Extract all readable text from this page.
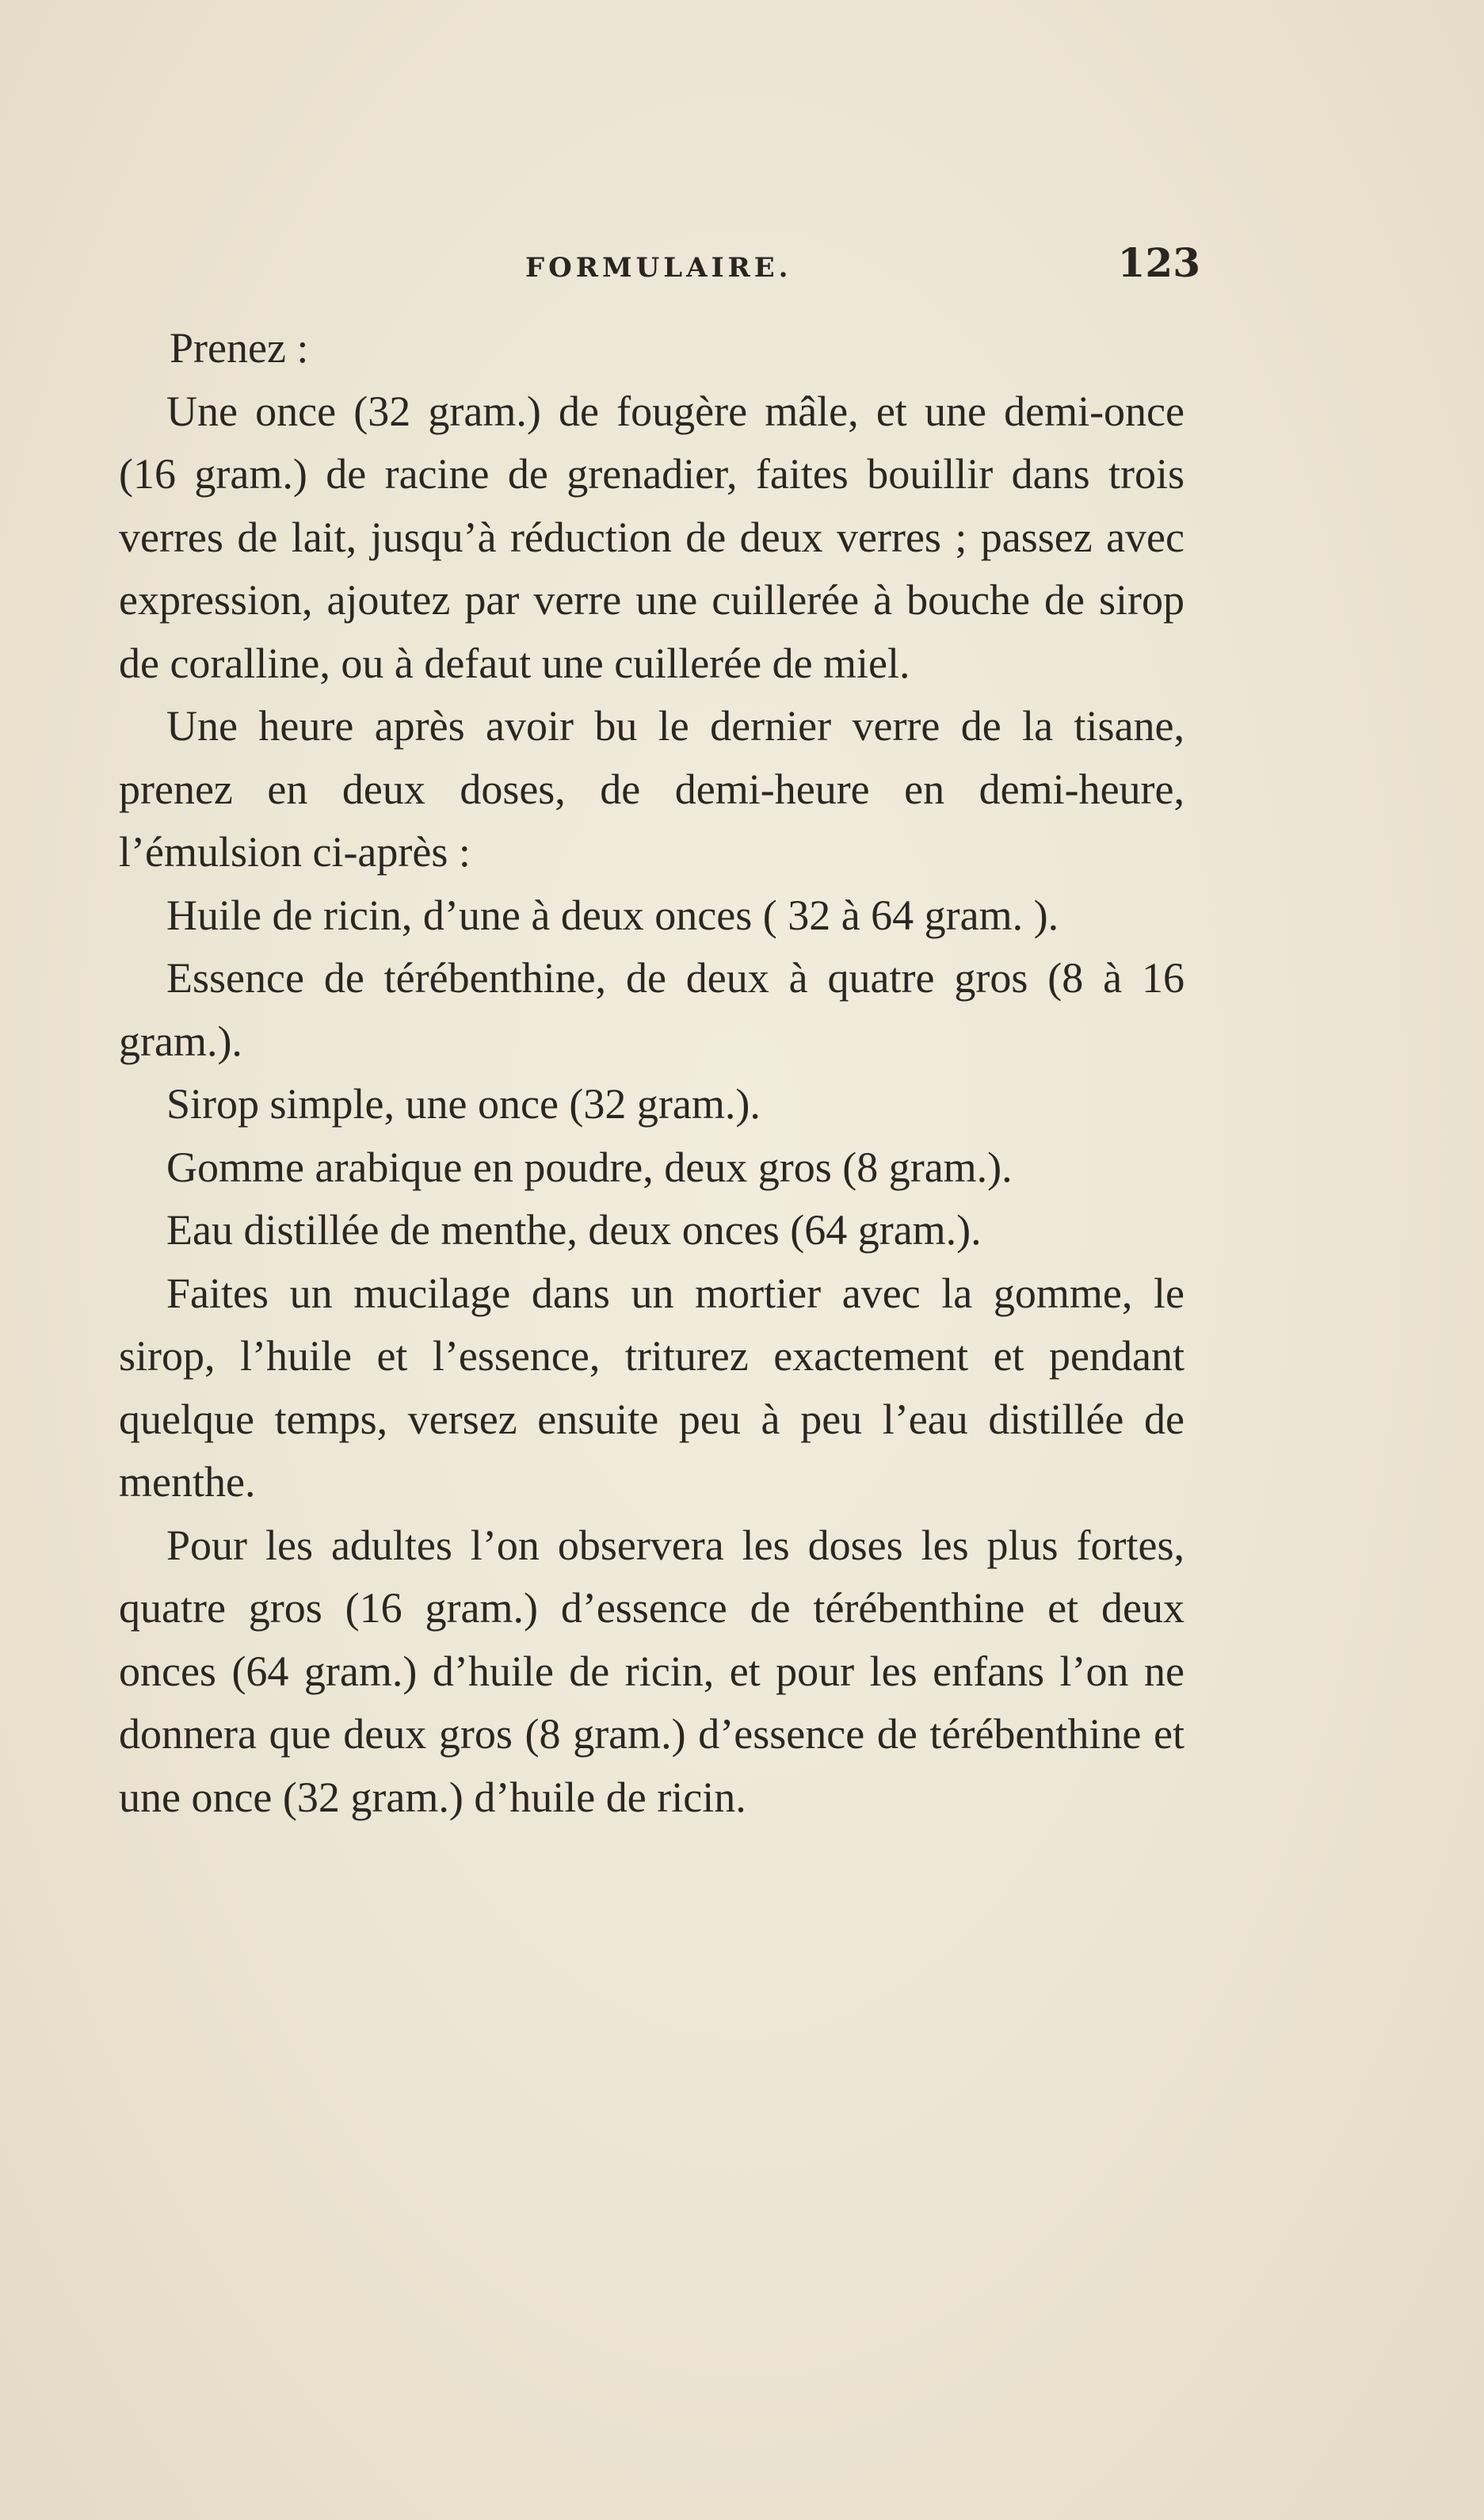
FORMULAIRE.	123

Prenez :

Une once (32 gram.) de fougère mâle, et une demi-once (16 gram.) de racine de grenadier, faites bouillir dans trois verres de lait, jusqu’à réduction de deux verres ; passez avec expression, ajoutez par verre une cuillerée à bouche de sirop de coralline, ou à defaut une cuillerée de miel.

Une heure après avoir bu le dernier verre de la tisane, prenez en deux doses, de demi-heure en demi-heure, l’émulsion ci-après :

Huile de ricin, d’une à deux onces ( 32 à 64 gram. ).

Essence de térébenthine, de deux à quatre gros (8 à 16 gram.).

Sirop simple, une once (32 gram.).

Gomme arabique en poudre, deux gros (8 gram.).

Eau distillée de menthe, deux onces (64 gram.).

Faites un mucilage dans un mortier avec la gomme, le sirop, l’huile et l’essence, triturez exactement et pendant quelque temps, versez ensuite peu à peu l’eau distillée de menthe.

Pour les adultes l’on observera les doses les plus fortes, quatre gros (16 gram.) d’essence de térébenthine et deux onces (64 gram.) d’huile de ricin, et pour les enfans l’on ne donnera que deux gros (8 gram.) d’essence de térébenthine et une once (32 gram.) d’huile de ricin.
